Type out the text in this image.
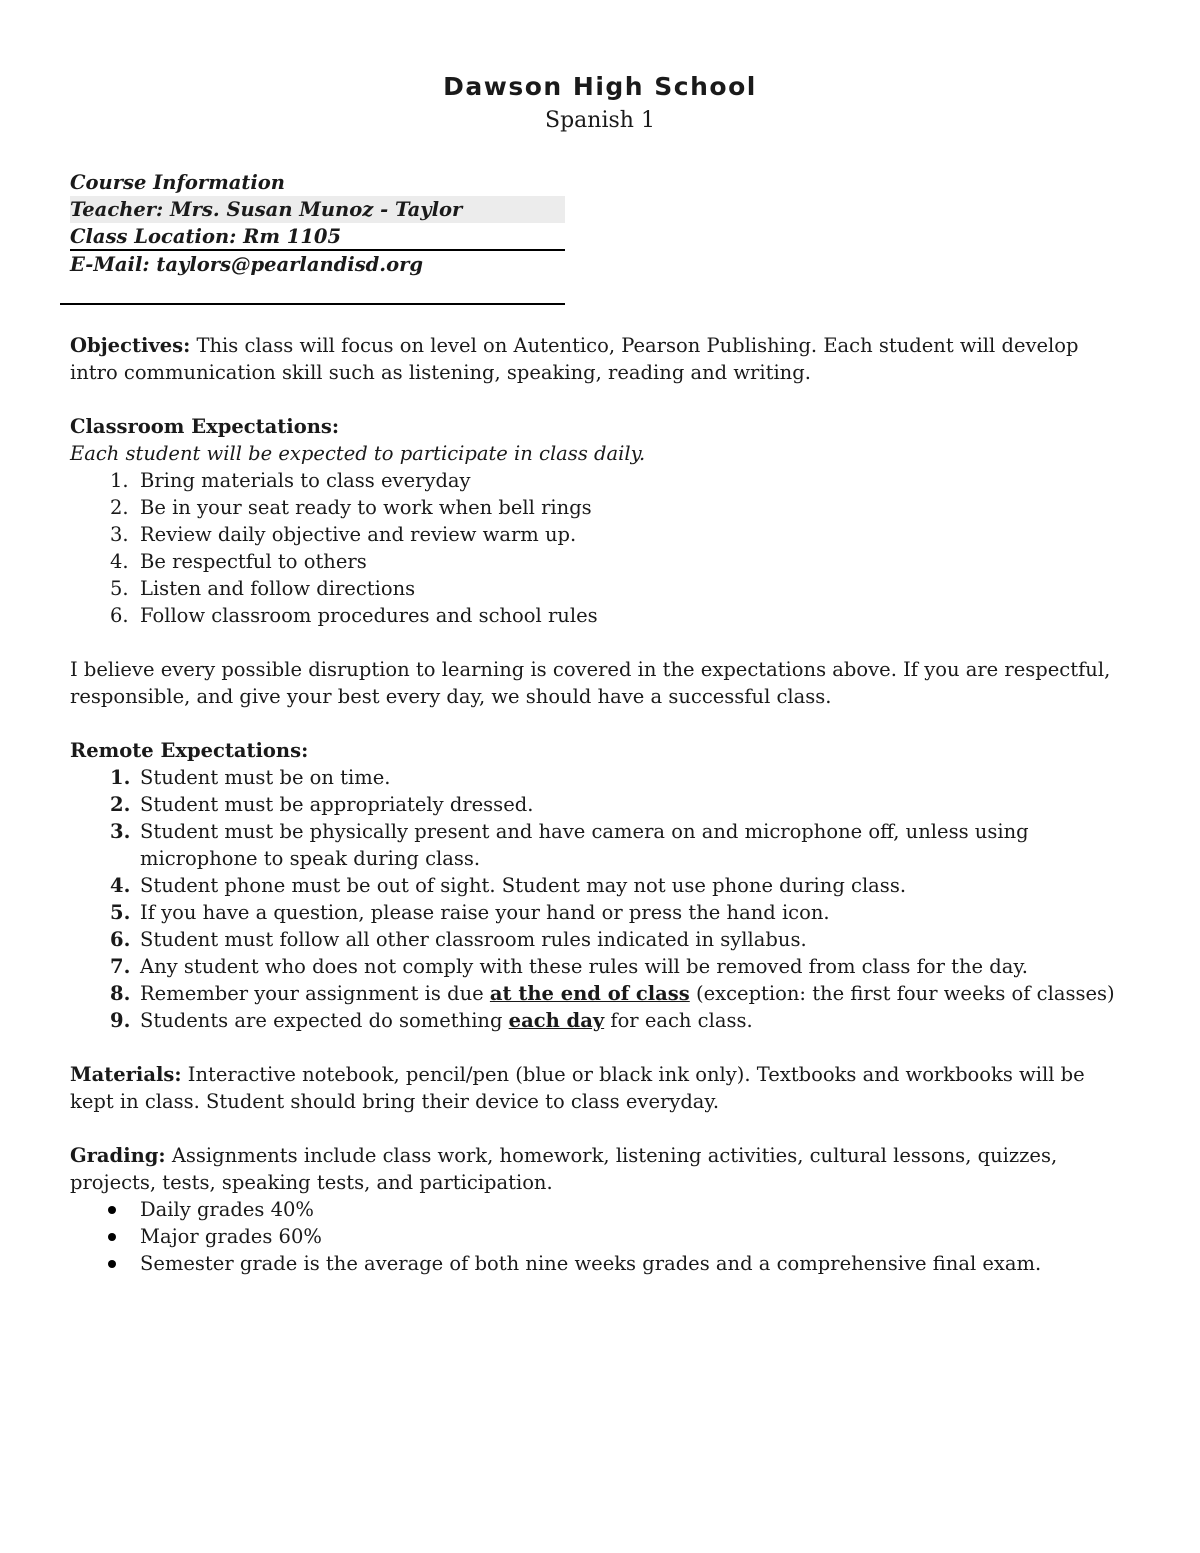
Dawson High School
Spanish 1
Course Information
Teacher: Mrs. Susan Munoz - Taylor
Class Location: Rm 1105
E-Mail: taylors@pearlandisd.org

Objectives: This class will focus on level on Autentico, Pearson Publishing. Each student will develop intro communication skill such as listening, speaking, reading and writing.

Classroom Expectations:

Each student will be expected to participate in class daily.

1. Bring materials to class everyday
2. Be in your seat ready to work when bell rings
3. Review daily objective and review warm up.
4. Be respectful to others
5. Listen and follow directions
6. Follow classroom procedures and school rules

I believe every possible disruption to learning is covered in the expectations above. If you are respectful, responsible, and give your best every day, we should have a successful class.

Remote Expectations:

1. Student must be on time.
2. Student must be appropriately dressed.
3. Student must be physically present and have camera on and microphone off, unless using microphone to speak during class.
4. Student phone must be out of sight. Student may not use phone during class.
5. If you have a question, please raise your hand or press the hand icon.
6. Student must follow all other classroom rules indicated in syllabus.
7. Any student who does not comply with these rules will be removed from class for the day.
8. Remember your assignment is due at the end of class (exception: the first four weeks of classes)
9. Students are expected do something each day for each class.

Materials: Interactive notebook, pencil/pen (blue or black ink only). Textbooks and workbooks will be kept in class. Student should bring their device to class everyday.

Grading: Assignments include class work, homework, listening activities, cultural lessons, quizzes, projects, tests, speaking tests, and participation.

Daily grades 40%
Major grades 60%
Semester grade is the average of both nine weeks grades and a comprehensive final exam.
